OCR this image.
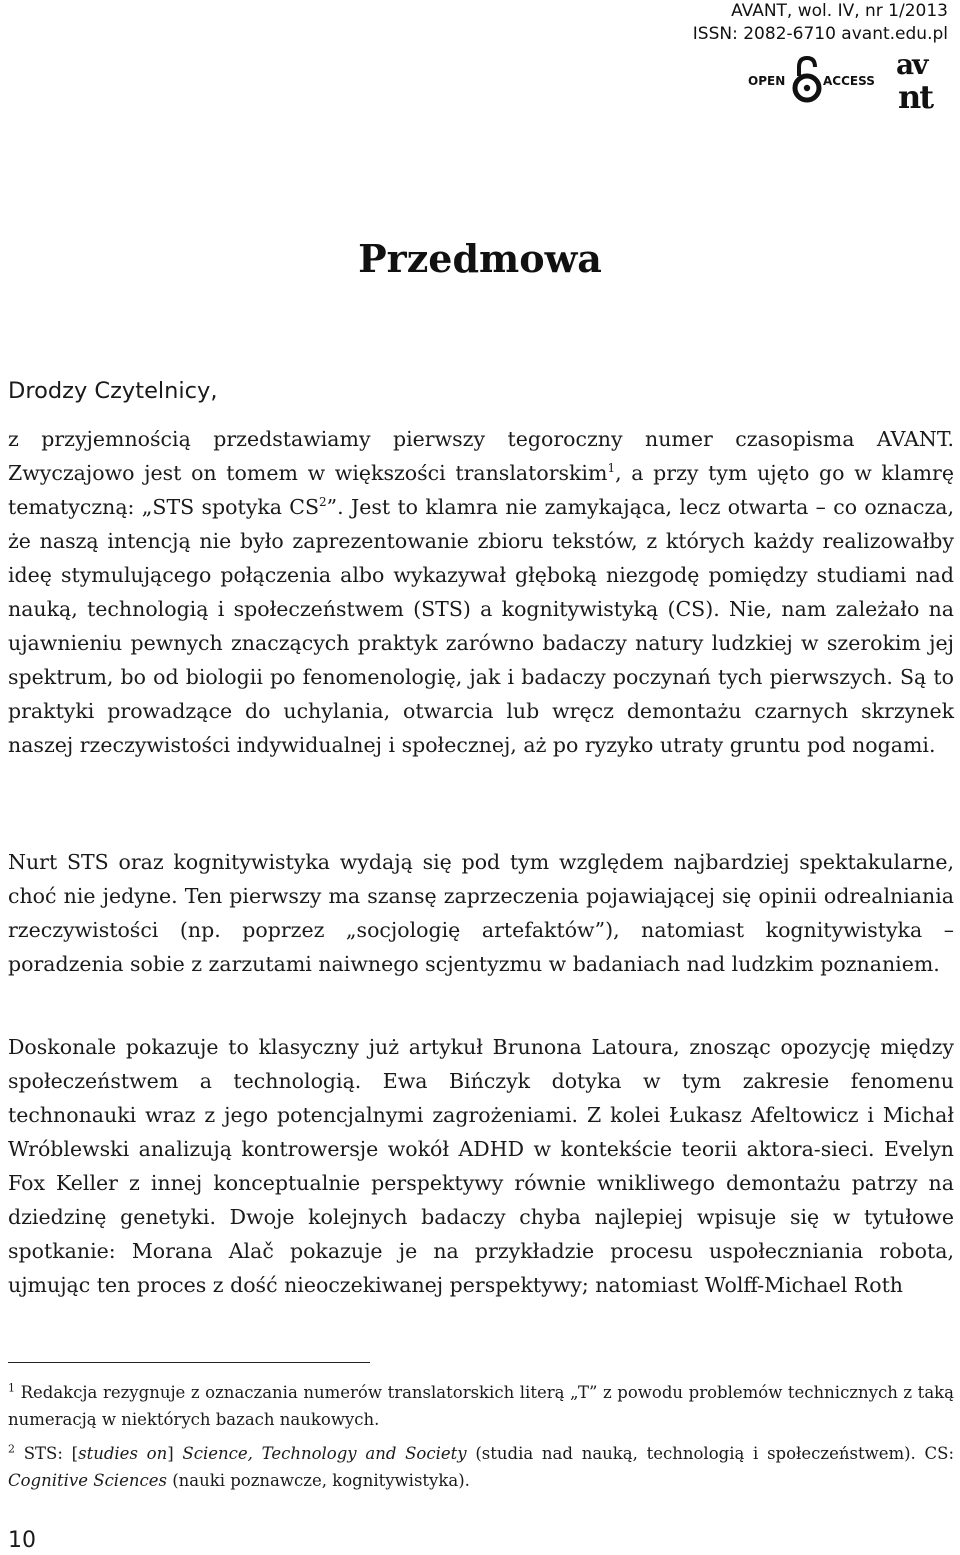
AVANT, wol. IV, nr 1/2013
ISSN: 2082-6710 avant.edu.pl
OPEN	ACCESS av
nt
Przedmowa

Drodzy Czytelnicy,

z przyjemnością przedstawiamy pierwszy tegoroczny numer czasopisma AVANT. Zwyczajowo jest on tomem w większości translatorskim$^1$, a przy tym ujęto go w klamrę tematyczną: „STS spotyka $CS^2$”. Jest to klamra nie zamykająca, lecz otwarta – co oznacza, że naszą intencją nie było zaprezentowanie zbioru tekstów, z których każdy realizowałby ideę stymulującego połączenia albo wykazywał głęboką niezgodę pomiędzy studiami nad nauką, technologią i społeczeństwem (STS) a kognitywistyką (CS). Nie, nam zależało na ujawnieniu pewnych znaczących praktyk zarówno badaczy natury ludzkiej w szerokim jej spektrum, bo od biologii po fenomenologię, jak i badaczy poczynań tych pierwszych. Są to praktyki prowadzące do uchylania, otwarcia lub wręcz demontażu czarnych skrzynek naszej rzeczywistości indywidualnej i społecznej, aż po ryzyko utraty gruntu pod nogami.

Nurt STS oraz kognitywistyka wydają się pod tym względem najbardziej spektakularne, choć nie jedyne. Ten pierwszy ma szansę zaprzeczenia pojawiającej się opinii odrealniania rzeczywistości (np. poprzez „socjologię artefaktów”), natomiast kognitywistyka – poradzenia sobie z zarzutami naiwnego scjentyzmu w badaniach nad ludzkim poznaniem.

Doskonale pokazuje to klasyczny już artykuł Brunona Latoura, znosząc opozycję między społeczeństwem a technologią. Ewa Bińczyk dotyka w tym zakresie fenomenu technonauki wraz z jego potencjalnymi zagrożeniami. Z kolei Łukasz Afeltowicz i Michał Wróblewski analizują kontrowersje wokół ADHD w kontekście teorii aktora-sieci. Evelyn Fox Keller z innej konceptualnie perspektywy równie wnikliwego demontażu patrzy na dziedzinę genetyki. Dwoje kolejnych badaczy chyba najlepiej wpisuje się w tytułowe spotkanie: Morana Alač pokazuje je na przykładzie procesu uspołeczniania robota, ujmując ten proces z dość nieoczekiwanej perspektywy; natomiast Wolff-Michael Roth

$^1$ Redakcja rezygnuje z oznaczania numerów translatorskich literą „T” z powodu problemów technicznych z taką numeracją w niektórych bazach naukowych.

$^2$ STS: [studies on] Science, Technology and Society (studia nad nauką, technologią i społeczeństwem). CS: Cognitive Sciences (nauki poznawcze, kognitywistyka).

10
